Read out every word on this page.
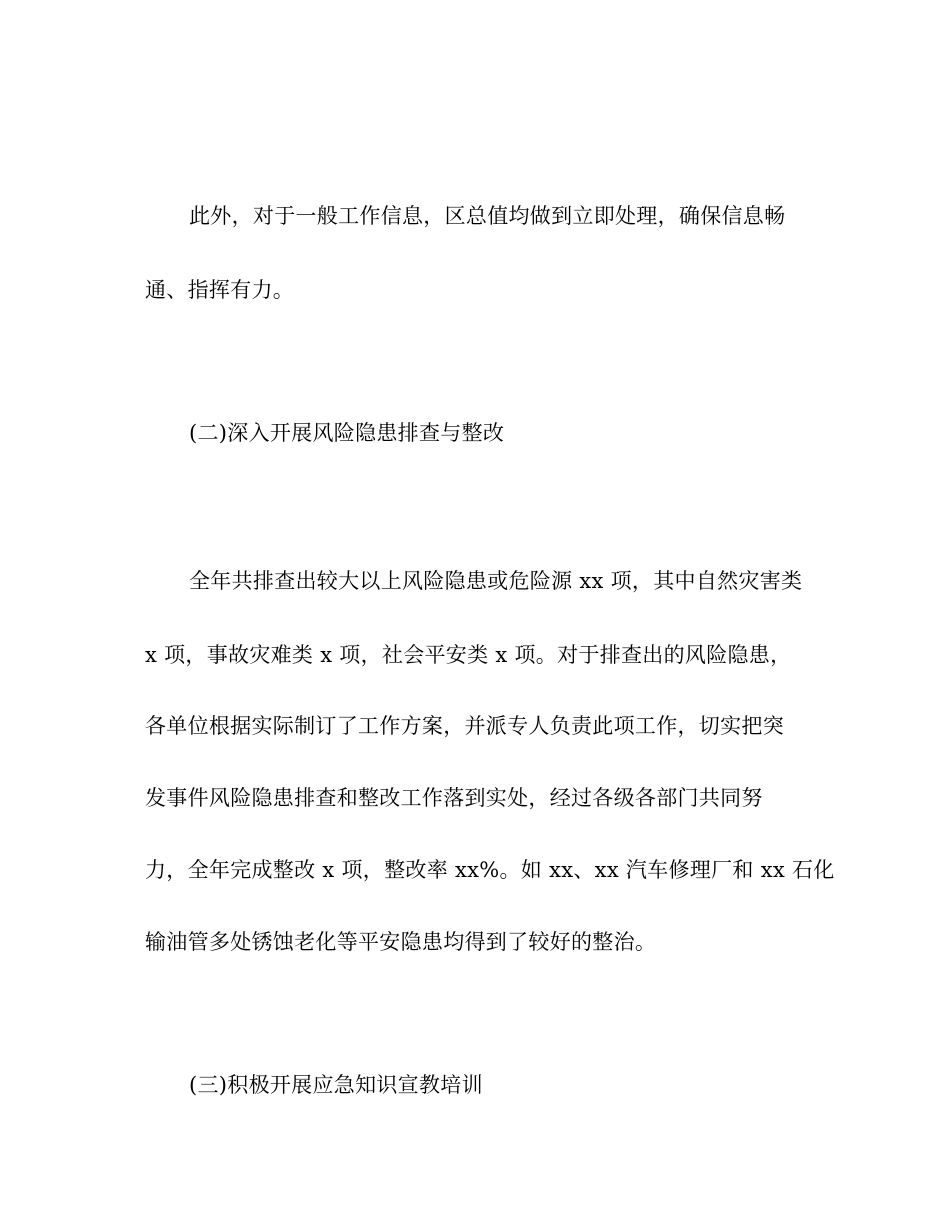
此外，对于一般工作信息，区总值均做到立即处理，确保信息畅
通、指挥有力。
(二)深入开展风险隐患排查与整改
全年共排查出较大以上风险隐患或危险源 xx 项，其中自然灾害类
x 项，事故灾难类 x 项，社会平安类 x 项。对于排查出的风险隐患，
各单位根据实际制订了工作方案，并派专人负责此项工作，切实把突
发事件风险隐患排查和整改工作落到实处，经过各级各部门共同努
力，全年完成整改 x 项，整改率 xx%。如 xx、xx 汽车修理厂和 xx 石化
输油管多处锈蚀老化等平安隐患均得到了较好的整治。
(三)积极开展应急知识宣教培训
